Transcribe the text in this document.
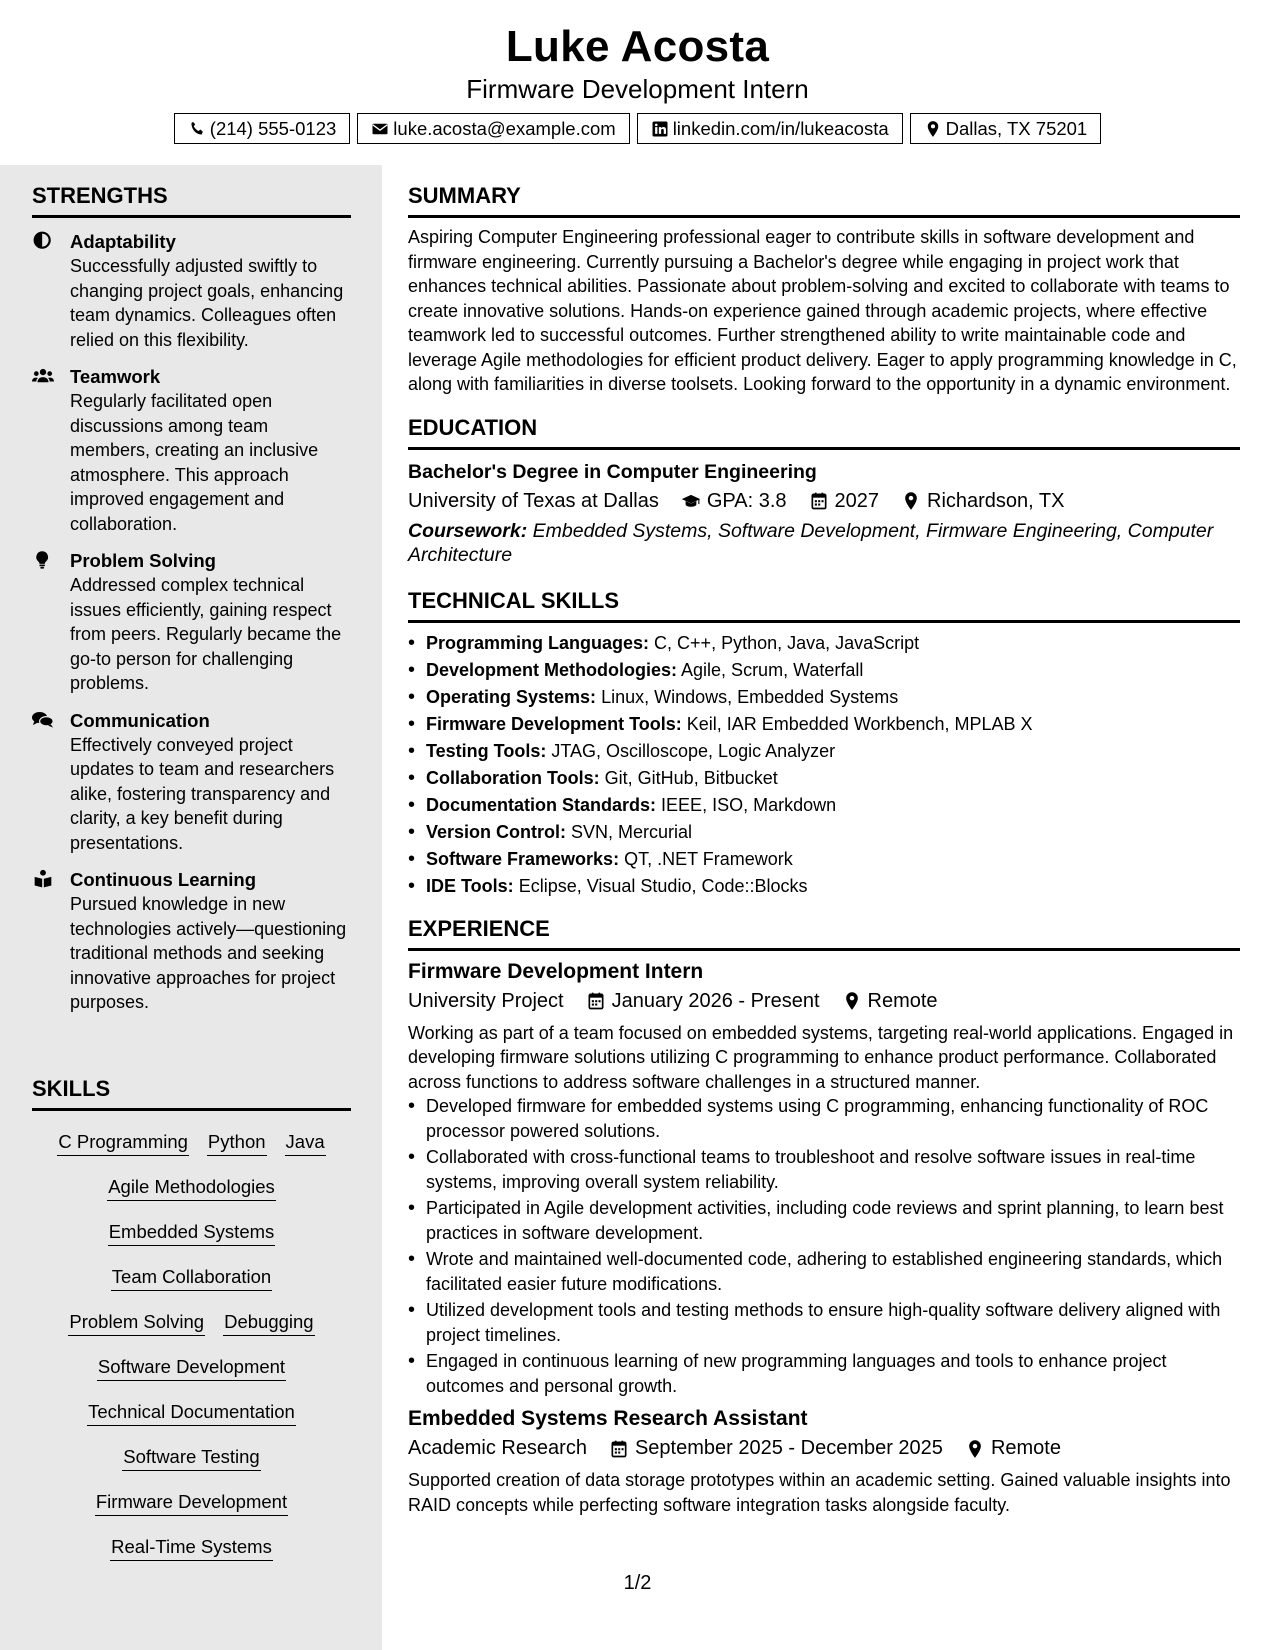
Luke Acosta
Firmware Development Intern
(214) 555-0123	luke.acosta@example.com	linkedin.com/in/lukeacosta	Dallas, TX 75201
STRENGTHS
Adaptability
Successfully adjusted swiftly to changing project goals, enhancing team dynamics. Colleagues often relied on this flexibility.
Teamwork
Regularly facilitated open discussions among team members, creating an inclusive atmosphere. This approach improved engagement and collaboration.
Problem Solving
Addressed complex technical issues efficiently, gaining respect from peers. Regularly became the go-to person for challenging problems.
Communication
Effectively conveyed project updates to team and researchers alike, fostering transparency and clarity, a key benefit during presentations.
Continuous Learning
Pursued knowledge in new technologies actively—questioning traditional methods and seeking innovative approaches for project purposes.
SKILLS
C Programming Python Java
Agile Methodologies
Embedded Systems
Team Collaboration
Problem Solving Debugging
Software Development
Technical Documentation
Software Testing
Firmware Development
Real-Time Systems
SUMMARY
Aspiring Computer Engineering professional eager to contribute skills in software development and firmware engineering. Currently pursuing a Bachelor's degree while engaging in project work that enhances technical abilities. Passionate about problem-solving and excited to collaborate with teams to create innovative solutions. Hands-on experience gained through academic projects, where effective teamwork led to successful outcomes. Further strengthened ability to write maintainable code and leverage Agile methodologies for efficient product delivery. Eager to apply programming knowledge in C, along with familiarities in diverse toolsets. Looking forward to the opportunity in a dynamic environment.
EDUCATION
Bachelor's Degree in Computer Engineering
University of Texas at Dallas GPA: 3.8 2027 Richardson, TX
Coursework: Embedded Systems, Software Development, Firmware Engineering, Computer Architecture
TECHNICAL SKILLS
• Programming Languages: C, C++, Python, Java, JavaScript
• Development Methodologies: Agile, Scrum, Waterfall
• Operating Systems: Linux, Windows, Embedded Systems
• Firmware Development Tools: Keil, IAR Embedded Workbench, MPLAB X
• Testing Tools: JTAG, Oscilloscope, Logic Analyzer
• Collaboration Tools: Git, GitHub, Bitbucket
• Documentation Standards: IEEE, ISO, Markdown
• Version Control: SVN, Mercurial
• Software Frameworks: QT, .NET Framework
• IDE Tools: Eclipse, Visual Studio, Code::Blocks
EXPERIENCE
Firmware Development Intern
University Project January 2026 - Present Remote
Working as part of a team focused on embedded systems, targeting real-world applications. Engaged in developing firmware solutions utilizing C programming to enhance product performance. Collaborated across functions to address software challenges in a structured manner.
• Developed firmware for embedded systems using C programming, enhancing functionality of ROC processor powered solutions.
• Collaborated with cross-functional teams to troubleshoot and resolve software issues in real-time systems, improving overall system reliability.
• Participated in Agile development activities, including code reviews and sprint planning, to learn best practices in software development.
• Wrote and maintained well-documented code, adhering to established engineering standards, which facilitated easier future modifications.
• Utilized development tools and testing methods to ensure high-quality software delivery aligned with project timelines.
• Engaged in continuous learning of new programming languages and tools to enhance project outcomes and personal growth.
Embedded Systems Research Assistant
Academic Research September 2025 - December 2025 Remote
Supported creation of data storage prototypes within an academic setting. Gained valuable insights into RAID concepts while perfecting software integration tasks alongside faculty.
1/2
